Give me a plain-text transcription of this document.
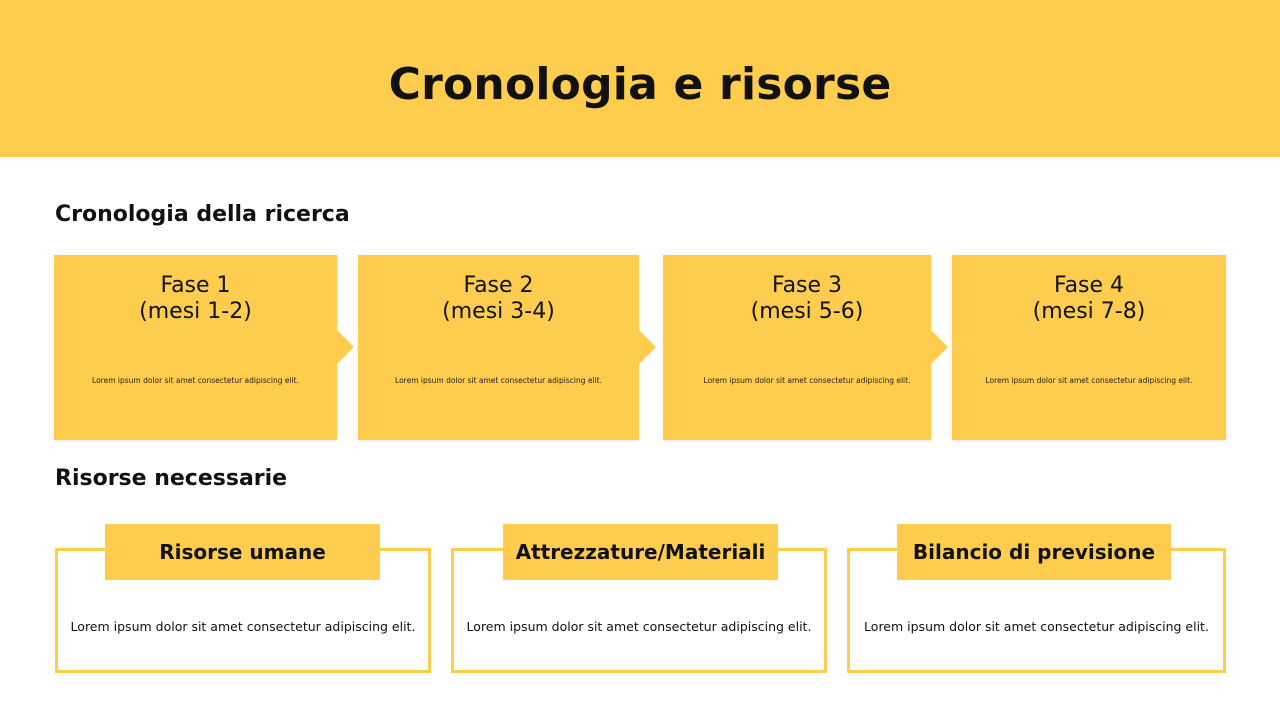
Cronologia e risorse
Cronologia della ricerca
Fase 1
(mesi 1-2)
Lorem ipsum dolor sit amet consectetur adipiscing elit.
Fase 2
(mesi 3-4)
Lorem ipsum dolor sit amet consectetur adipiscing elit.
Fase 3
(mesi 5-6)
Lorem ipsum dolor sit amet consectetur adipiscing elit.
Fase 4
(mesi 7-8)
Lorem ipsum dolor sit amet consectetur adipiscing elit.
Risorse necessarie
Lorem ipsum dolor sit amet consectetur adipiscing elit.
Risorse umane
Lorem ipsum dolor sit amet consectetur adipiscing elit.
Attrezzature/Materiali
Lorem ipsum dolor sit amet consectetur adipiscing elit.
Bilancio di previsione
